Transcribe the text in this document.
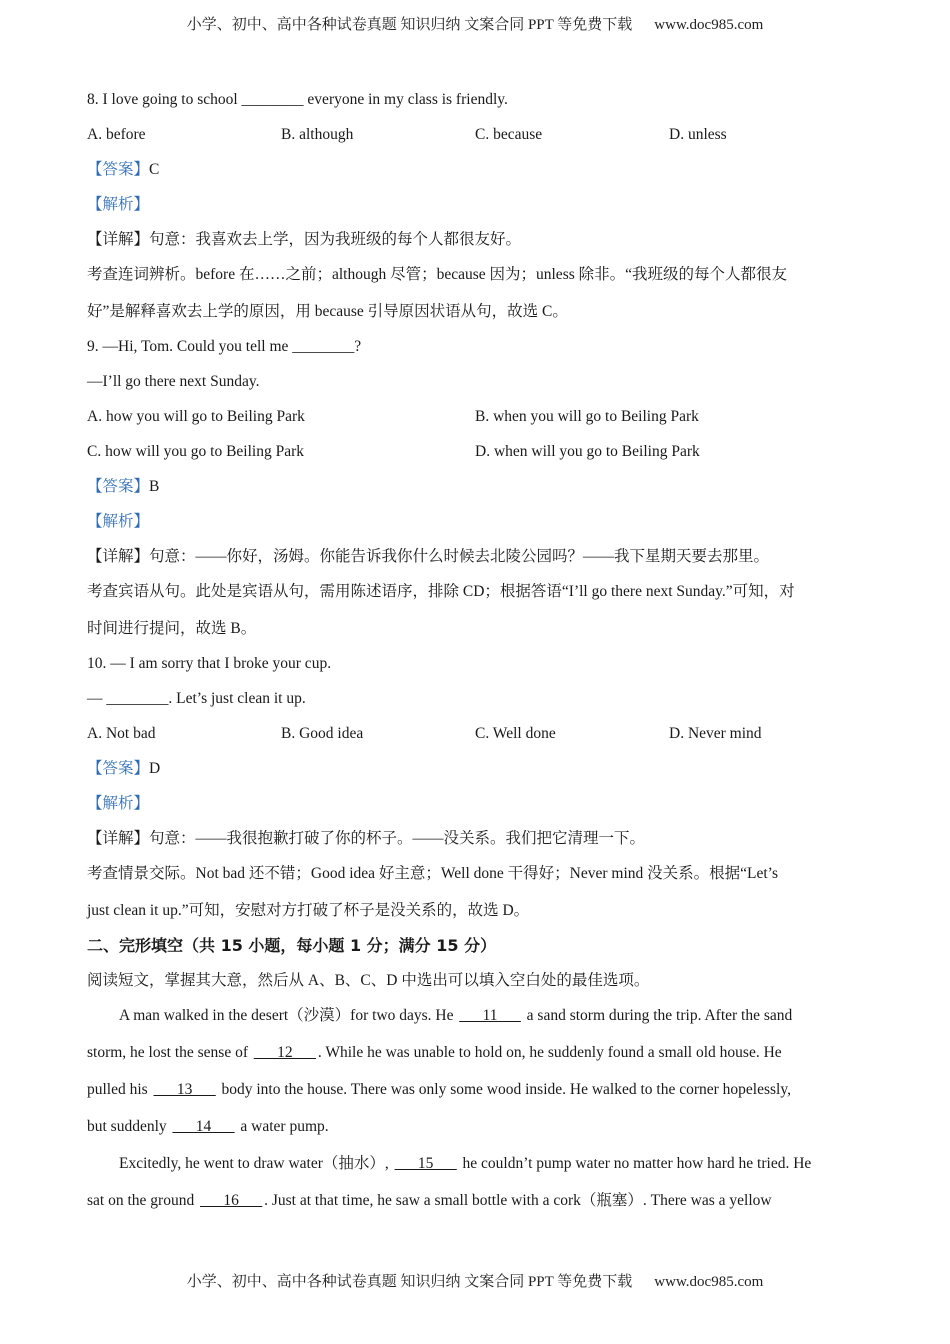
小学、初中、高中各种试卷真题 知识归纳 文案合同 PPT 等免费下载 www.doc985.com
8. I love going to school ________ everyone in my class is friendly.
A. before	B. although	C. because	D. unless
【答案】C
【解析】
【详解】句意：我喜欢去上学，因为我班级的每个人都很友好。
考查连词辨析。before 在……之前；although 尽管；because 因为；unless 除非。“我班级的每个人都很友
好”是解释喜欢去上学的原因，用 because 引导原因状语从句，故选 C。
9. —Hi, Tom. Could you tell me ________?
—I’ll go there next Sunday.
A. how you will go to Beiling Park	B. when you will go to Beiling Park
C. how will you go to Beiling Park	D. when will you go to Beiling Park
【答案】B
【解析】
【详解】句意：——你好，汤姆。你能告诉我你什么时候去北陵公园吗？——我下星期天要去那里。
考查宾语从句。此处是宾语从句，需用陈述语序，排除 CD；根据答语“I’ll go there next Sunday.”可知，对
时间进行提问，故选 B。
10. — I am sorry that I broke your cup.
— ________. Let’s just clean it up.
A. Not bad	B. Good idea	C. Well done	D. Never mind
【答案】D
【解析】
【详解】句意：——我很抱歉打破了你的杯子。——没关系。我们把它清理一下。
考查情景交际。Not bad 还不错；Good idea 好主意；Well done 干得好；Never mind 没关系。根据“Let’s
just clean it up.”可知，安慰对方打破了杯子是没关系的，故选 D。
二、完形填空（共 15 小题，每小题 1 分；满分 15 分）
阅读短文，掌握其大意，然后从 A、B、C、D 中选出可以填入空白处的最佳选项。
A man walked in the desert（沙漠）for two days. He ___11___ a sand storm during the trip. After the sand
storm, he lost the sense of ___12___ . While he was unable to hold on, he suddenly found a small old house. He
pulled his ___13___ body into the house. There was only some wood inside. He walked to the corner hopelessly,
but suddenly ___14___ a water pump.
Excitedly, he went to draw water（抽水）, ___15___ he couldn’t pump water no matter how hard he tried. He
sat on the ground ___16___ . Just at that time, he saw a small bottle with a cork（瓶塞）. There was a yellow
小学、初中、高中各种试卷真题 知识归纳 文案合同 PPT 等免费下载 www.doc985.com
